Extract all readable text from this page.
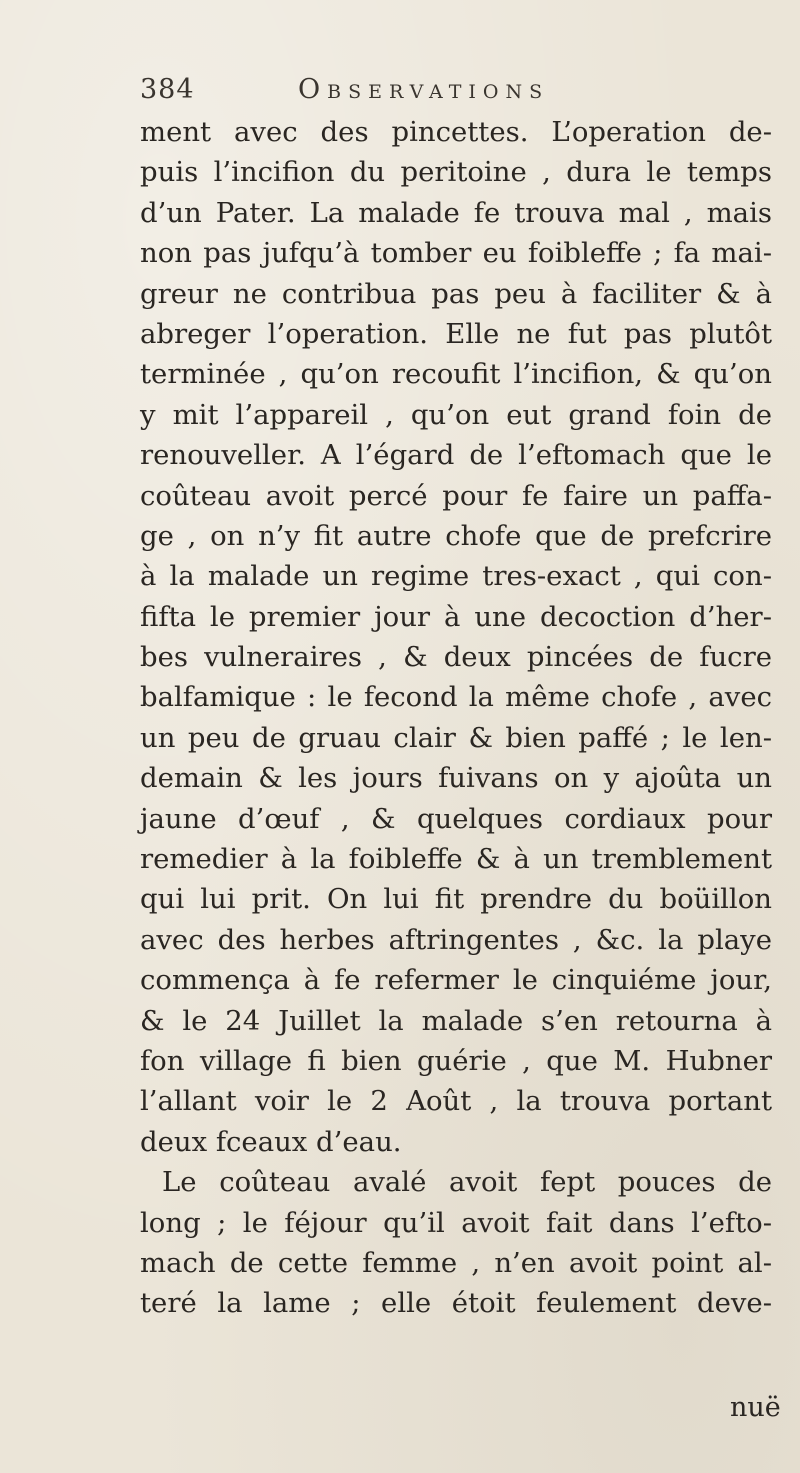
384	Observations
ment avec des pincettes. L’operation de-
puis l’incifion du peritoine , dura le temps
d’un Pater. La malade fe trouva mal , mais
non pas jufqu’à tomber eu foibleffe ; fa mai-
greur ne contribua pas peu à faciliter & à
abreger l’operation. Elle ne fut pas plutôt
terminée , qu’on recoufit l’incifion, & qu’on
y mit l’appareil , qu’on eut grand foin de
renouveller. A l’égard de l’eftomach que le
coûteau avoit percé pour fe faire un paffa-
ge , on n’y fit autre chofe que de prefcrire
à la malade un regime tres-exact , qui con-
fifta le premier jour à une decoction d’her-
bes vulneraires , & deux pincées de fucre
balfamique : le fecond la même chofe , avec
un peu de gruau clair & bien paffé ; le len-
demain & les jours fuivans on y ajoûta un
jaune d’œuf , & quelques cordiaux pour
remedier à la foibleffe & à un tremblement
qui lui prit. On lui fit prendre du boüillon
avec des herbes aftringentes , &c. la playe
commença à fe refermer le cinquiéme jour,
& le 24 Juillet la malade s’en retourna à
fon village fi bien guérie , que M. Hubner
l’allant voir le 2 Août , la trouva portant
deux fceaux d’eau.
Le coûteau avalé avoit fept pouces de
long ; le féjour qu’il avoit fait dans l’efto-
mach de cette femme , n’en avoit point al-
teré la lame ; elle étoit feulement deve-
nuë
